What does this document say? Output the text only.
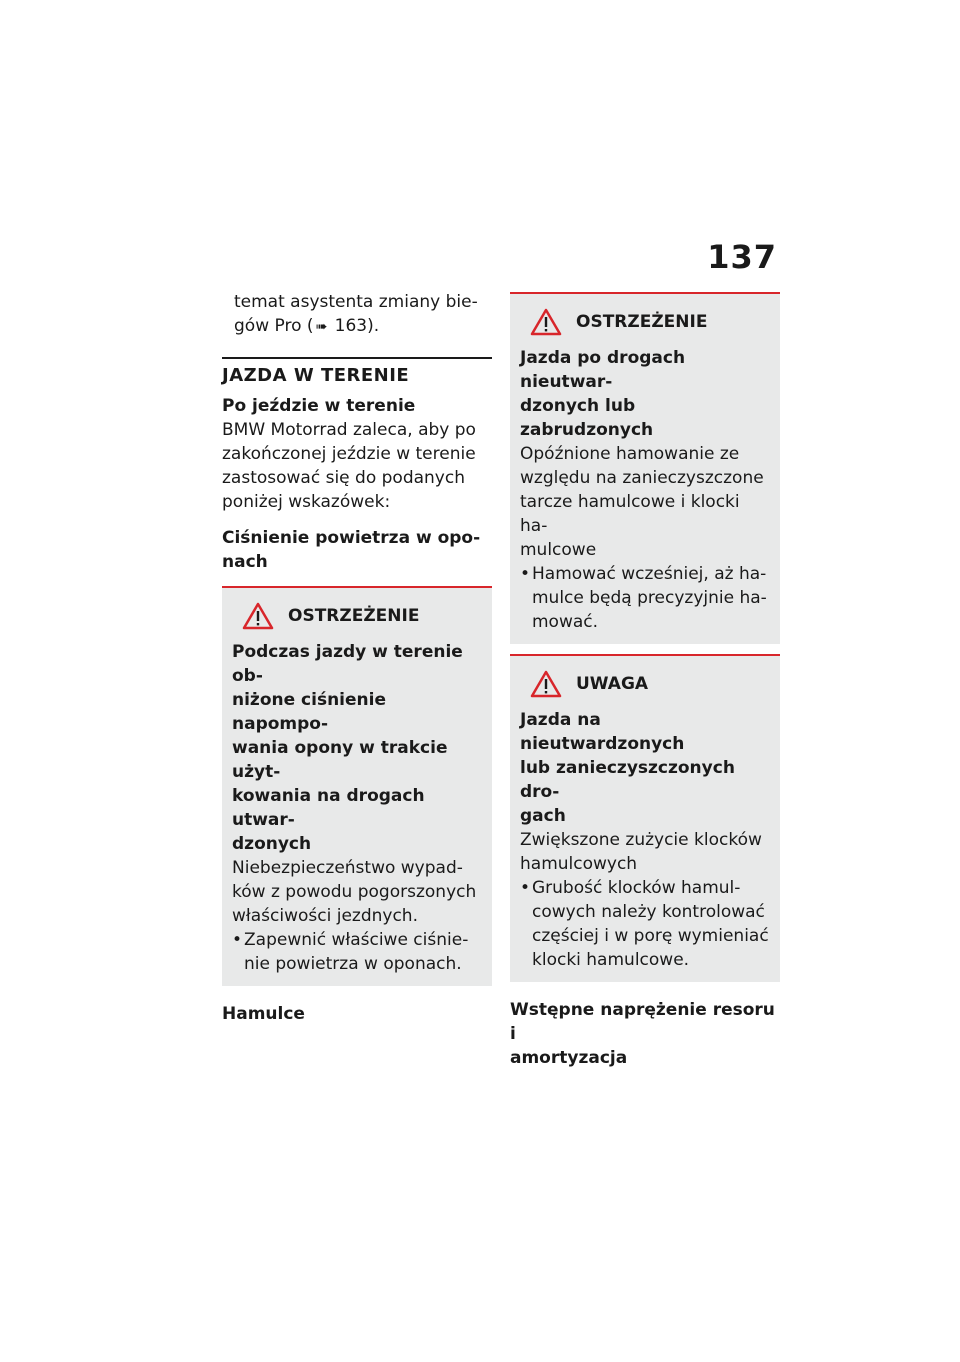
137

temat asystenta zmiany bie-

gów Pro ( ➠ 163).

JAZDA W TERENIE

Po jeździe w terenie

BMW Motorrad zaleca, aby po

zakończonej jeździe w terenie

zastosować się do podanych

poniżej wskazówek:

Ciśnienie powietrza w opo-

nach

OSTRZEŻENIE

Podczas jazdy w terenie ob-

niżone ciśnienie napompo-

wania opony w trakcie użyt-

kowania na drogach utwar-

dzonych

Niebezpieczeństwo wypad-

ków z powodu pogorszonych

właściwości jezdnych.

• Zapewnić właściwe ciśnie-

nie powietrza w oponach.

Hamulce

OSTRZEŻENIE

Jazda po drogach nieutwar-

dzonych lub zabrudzonych

Opóźnione hamowanie ze

względu na zanieczyszczone

tarcze hamulcowe i klocki ha-

mulcowe

• Hamować wcześniej, aż ha-

mulce będą precyzyjnie ha-

mować.

UWAGA

Jazda na nieutwardzonych

lub zanieczyszczonych dro-

gach

Zwiększone zużycie klocków

hamulcowych

• Grubość klocków hamul-

cowych należy kontrolować

częściej i w porę wymieniać

klocki hamulcowe.

Wstępne naprężenie resoru i

amortyzacja
